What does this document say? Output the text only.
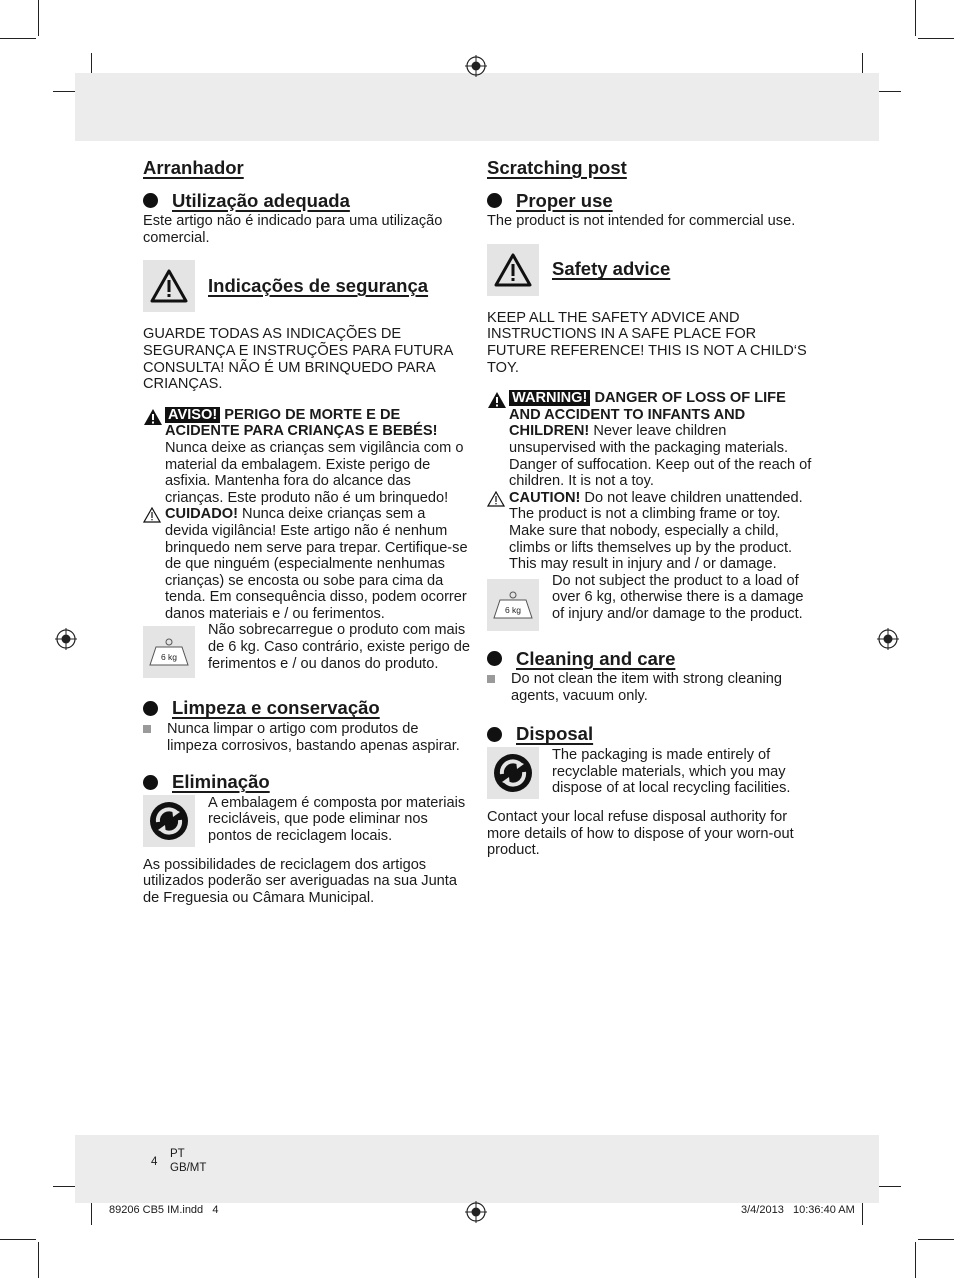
Arranhador

Utilização adequada

Este artigo não é indicado para uma utilização comercial.

Indicações de segurança

GUARDE TODAS AS INDICAÇÕES DE SEGURANÇA E INSTRUÇÕES PARA FUTURA CONSULTA! NÃO É UM BRINQUEDO PARA CRIANÇAS.

AVISO! PERIGO DE MORTE E DE ACIDENTE PARA CRIANÇAS E BEBÉS!
Nunca deixe as crianças sem vigilância com o material da embalagem. Existe perigo de asfixia. Mantenha fora do alcance das crianças. Este produto não é um brinquedo!

CUIDADO! Nunca deixe crianças sem a devida vigilância! Este artigo não é nenhum brinquedo nem serve para trepar. Certifique-se de que ninguém (especialmente nenhumas crianças) se encosta ou sobe para cima da tenda. Em consequência disso, podem ocorrer danos materiais e / ou ferimentos.

6 kg

Não sobrecarregue o produto com mais de 6 kg. Caso contrário, existe perigo de ferimentos e / ou danos do produto.

Limpeza e conservação

Nunca limpar o artigo com produtos de limpeza corrosivos, bastando apenas aspirar.

Eliminação

A embalagem é composta por materiais recicláveis, que pode eliminar nos pontos de reciclagem locais.

As possibilidades de reciclagem dos artigos utilizados poderão ser averiguadas na sua Junta de Freguesia ou Câmara Municipal.

Scratching post

Proper use

The product is not intended for commercial use.

Safety advice

KEEP ALL THE SAFETY ADVICE AND INSTRUCTIONS IN A SAFE PLACE FOR FUTURE REFERENCE! THIS IS NOT A CHILD‘S TOY.

WARNING! DANGER OF LOSS OF LIFE AND ACCIDENT TO INFANTS AND CHILDREN! Never leave children unsupervised with the packaging materials. Danger of suffocation. Keep out of the reach of children. It is not a toy.

CAUTION! Do not leave children unattended. The product is not a climbing frame or toy. Make sure that nobody, especially a child, climbs or lifts themselves up by the product. This may result in injury and / or damage.

6 kg

Do not subject the product to a load of over 6 kg, otherwise there is a damage of injury and/or damage to the product.

Cleaning and care

Do not clean the item with strong cleaning agents, vacuum only.

Disposal

The packaging is made entirely of recyclable materials, which you may dispose of at local recycling facilities.

Contact your local refuse disposal authority for more details of how to dispose of your worn-out product.

4
PT
GB/MT
89206 CB5 IM.indd   4	3/4/2013   10:36:40 AM
